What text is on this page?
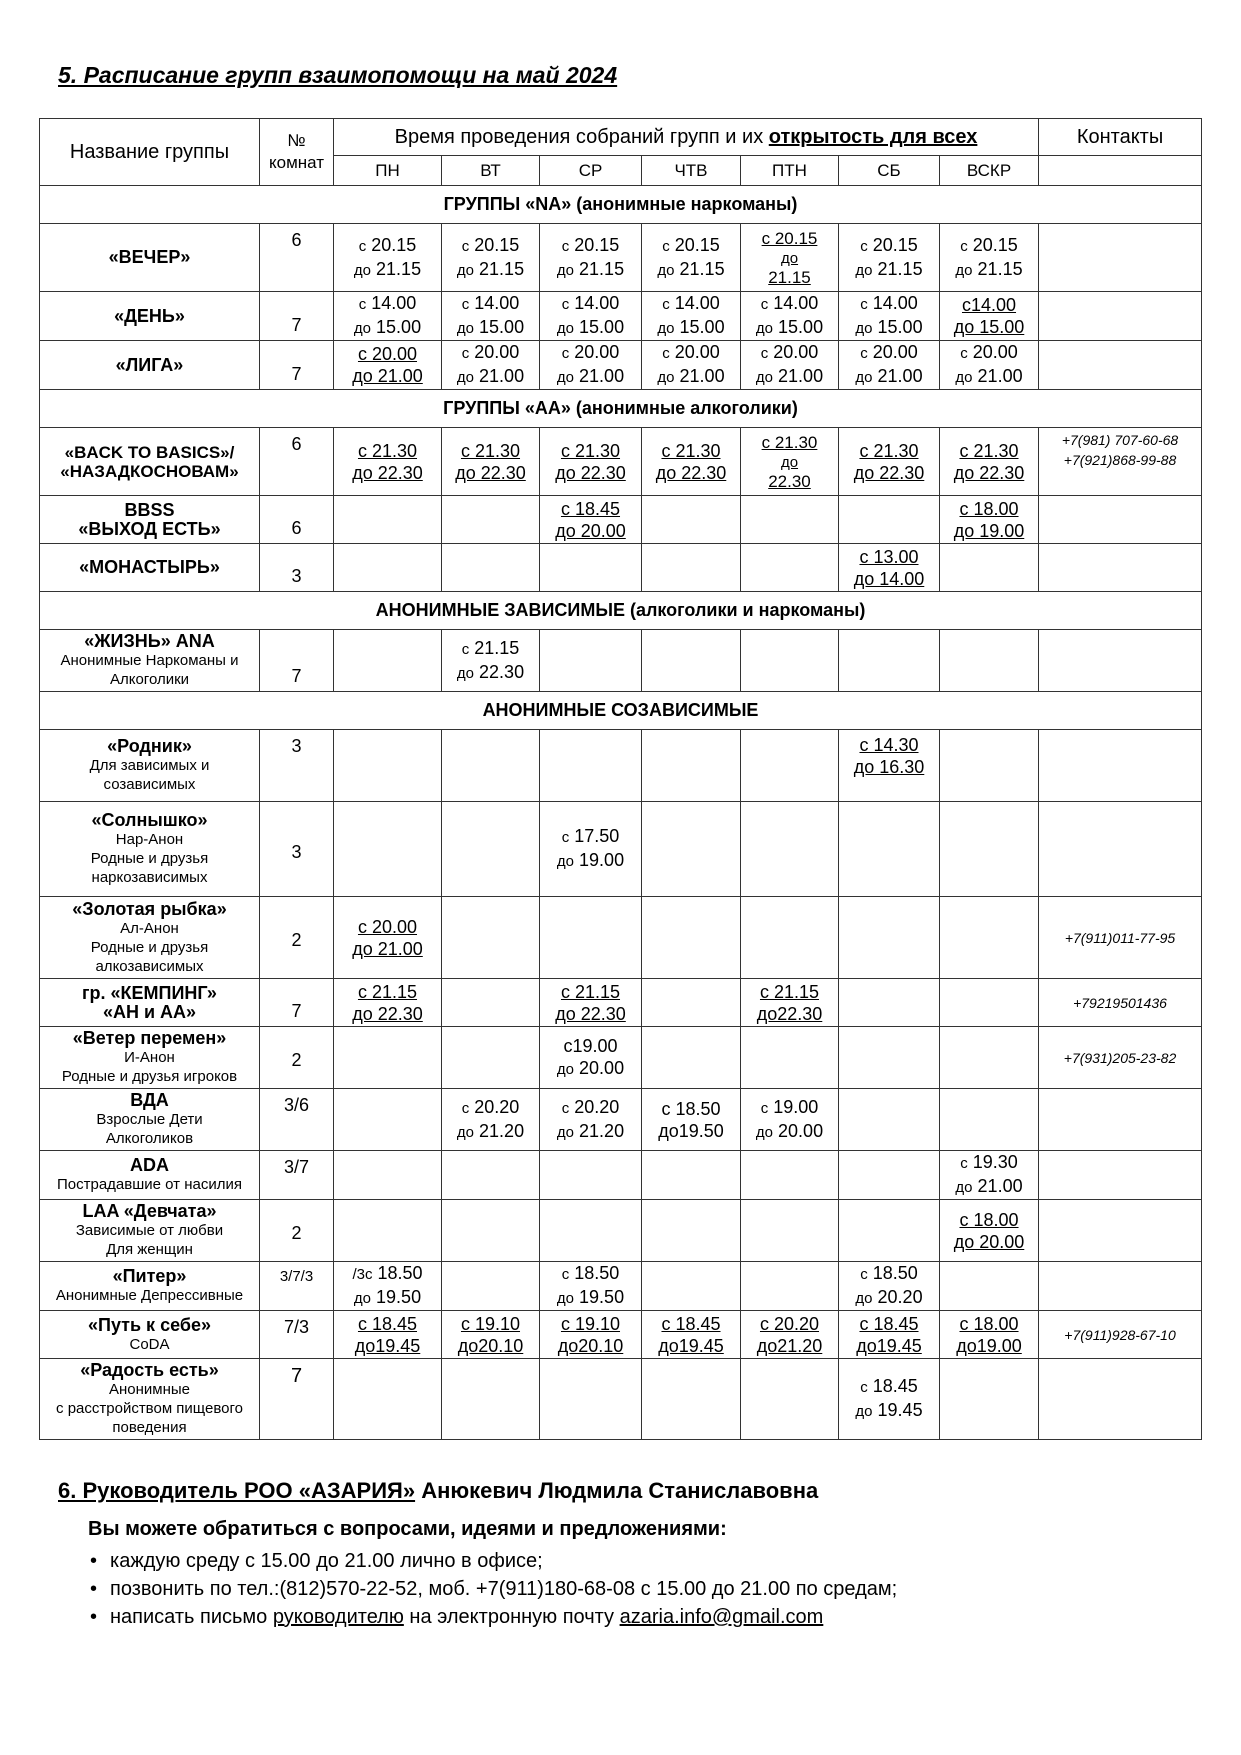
5. Расписание групп взаимопомощи на май 2024
Название группы	№
комнат	Время проведения собраний групп и их открытость для всех							Контакты
		ПН	ВТ	СР	ЧТВ	ПТН	СБ	ВСКР	
ГРУППЫ «NA» (анонимные наркоманы)									

«ВЕЧЕР»	6	с 20.15
до 21.15	с 20.15
до 21.15	с 20.15
до 21.15	с 20.15
до 21.15	с 20.15
до
21.15	с 20.15
до 21.15	с 20.15
до 21.15	

«ДЕНЬ»	7	с 14.00
до 15.00	с 14.00
до 15.00	с 14.00
до 15.00	с 14.00
до 15.00	с 14.00
до 15.00	с 14.00
до 15.00	с14.00
до 15.00	

«ЛИГА»	7	с 20.00
до 21.00	с 20.00
до 21.00	с 20.00
до 21.00	с 20.00
до 21.00	с 20.00
до 21.00	с 20.00
до 21.00	с 20.00
до 21.00	
ГРУППЫ «АА» (анонимные алкоголики)									

«BACK TO BASICS»/
«НАЗАДКОСНОВАМ»	6	с 21.30
до 22.30	с 21.30
до 22.30	с 21.30
до 22.30	с 21.30
до 22.30	с 21.30
до
22.30	с 21.30
до 22.30	с 21.30
до 22.30	+7(981) 707-60-68
+7(921)868-99-88

BBSS
«ВЫХОД ЕСТЬ»	6			с 18.45
до 20.00				с 18.00
до 19.00	

«МОНАСТЫРЬ»	3						с 13.00
до 14.00		
АНОНИМНЫЕ ЗАВИСИМЫЕ (алкоголики и наркоманы)									

«ЖИЗНЬ» ANA
Анонимные Наркоманы и
Алкоголики	7		с 21.15
до 22.30						
АНОНИМНЫЕ СОЗАВИСИМЫЕ									

«Родник»
Для зависимых и
созависимых	3						с 14.30
до 16.30		

«Солнышко»
Нар-Анон
Родные и друзья
наркозависимых	3			с 17.50
до 19.00					

«Золотая рыбка»
Ал-Анон
Родные и друзья
алкозависимых	2	с 20.00
до 21.00							+7(911)011-77-95

гр. «КЕМПИНГ»
«АН и АА»	7	с 21.15
до 22.30		с 21.15
до 22.30		с 21.15
до22.30			+79219501436

«Ветер перемен»
И-Анон
Родные и друзья игроков	2			с19.00
до 20.00					+7(931)205-23-82

ВДА
Взрослые Дети
Алкоголиков	3/6		с 20.20
до 21.20	с 20.20
до 21.20	с 18.50
до19.50	с 19.00
до 20.00			

ADA
Пострадавшие от насилия	3/7							с 19.30
до 21.00	

LAA «Девчата»
Зависимые от любви
Для женщин	2							с 18.00
до 20.00	

«Питер»
Анонимные Депрессивные	3/7/3	/3с 18.50
до 19.50		с 18.50
до 19.50			с 18.50
до 20.20		

«Путь к себе»
CoDA	7/3	с 18.45
до19.45	с 19.10
до20.10	с 19.10
до20.10	с 18.45
до19.45	с 20.20
до21.20	с 18.45
до19.45	с 18.00
до19.00	+7(911)928-67-10

«Радость есть»
Анонимные
с расстройством пищевого
поведения	7						с 18.45
до 19.45		
6. Руководитель РОО «АЗАРИЯ» Анюкевич Людмила Станиславовна
Вы можете обратиться с вопросами, идеями и предложениями:
• каждую среду с 15.00 до 21.00 лично в офисе;
• позвонить по тел.:(812)570-22-52, моб. +7(911)180-68-08 с 15.00 до 21.00 по средам;
• написать письмо руководителю на электронную почту azaria.info@gmail.com
